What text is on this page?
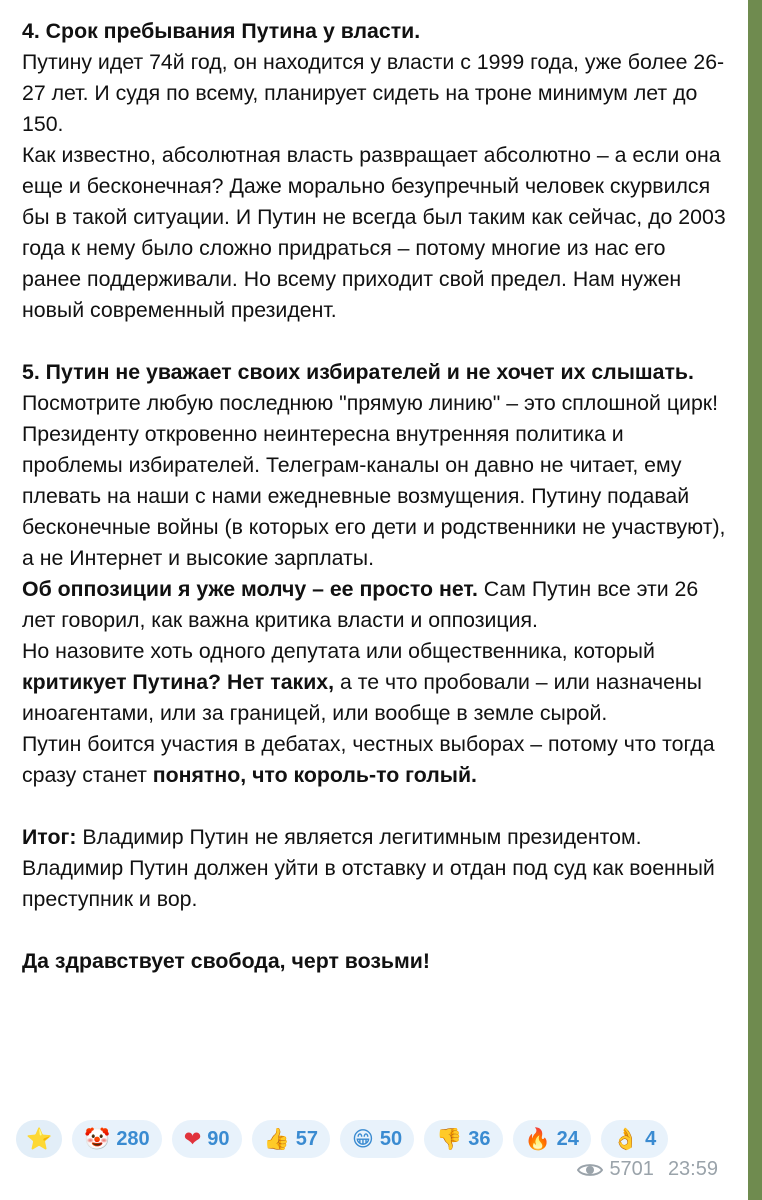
4. Срок пребывания Путина у власти.

Путину идет 74й год, он находится у власти с 1999 года, уже более 26-27 лет. И судя по всему, планирует сидеть на троне минимум лет до 150.

Как известно, абсолютная власть развращает абсолютно – а если она еще и бесконечная? Даже морально безупречный человек скурвился бы в такой ситуации. И Путин не всегда был таким как сейчас, до 2003 года к нему было сложно придраться – потому многие из нас его ранее поддерживали. Но всему приходит свой предел. Нам нужен новый современный президент.

5. Путин не уважает своих избирателей и не хочет их слышать.

Посмотрите любую последнюю "прямую линию" – это сплошной цирк! Президенту откровенно неинтересна внутренняя политика и проблемы избирателей. Телеграм-каналы он давно не читает, ему плевать на наши с нами ежедневные возмущения. Путину подавай бесконечные войны (в которых его дети и родственники не участвуют), а не Интернет и высокие зарплаты.

Об оппозиции я уже молчу – ее просто нет. Сам Путин все эти 26 лет говорил, как важна критика власти и оппозиция.

Но назовите хоть одного депутата или общественника, который критикует Путина? Нет таких, а те что пробовали – или назначены иноагентами, или за границей, или вообще в земле сырой.

Путин боится участия в дебатах, честных выборах – потому что тогда сразу станет понятно, что король-то голый.

Итог: Владимир Путин не является легитимным президентом. Владимир Путин должен уйти в отставку и отдан под суд как военный преступник и вор.

Да здравствует свобода, черт возьми!

⭐ 🤡 280 ❤ 90 👍 57 😁 50 👎 36 🔥 24 👌 4
5701 23:59
